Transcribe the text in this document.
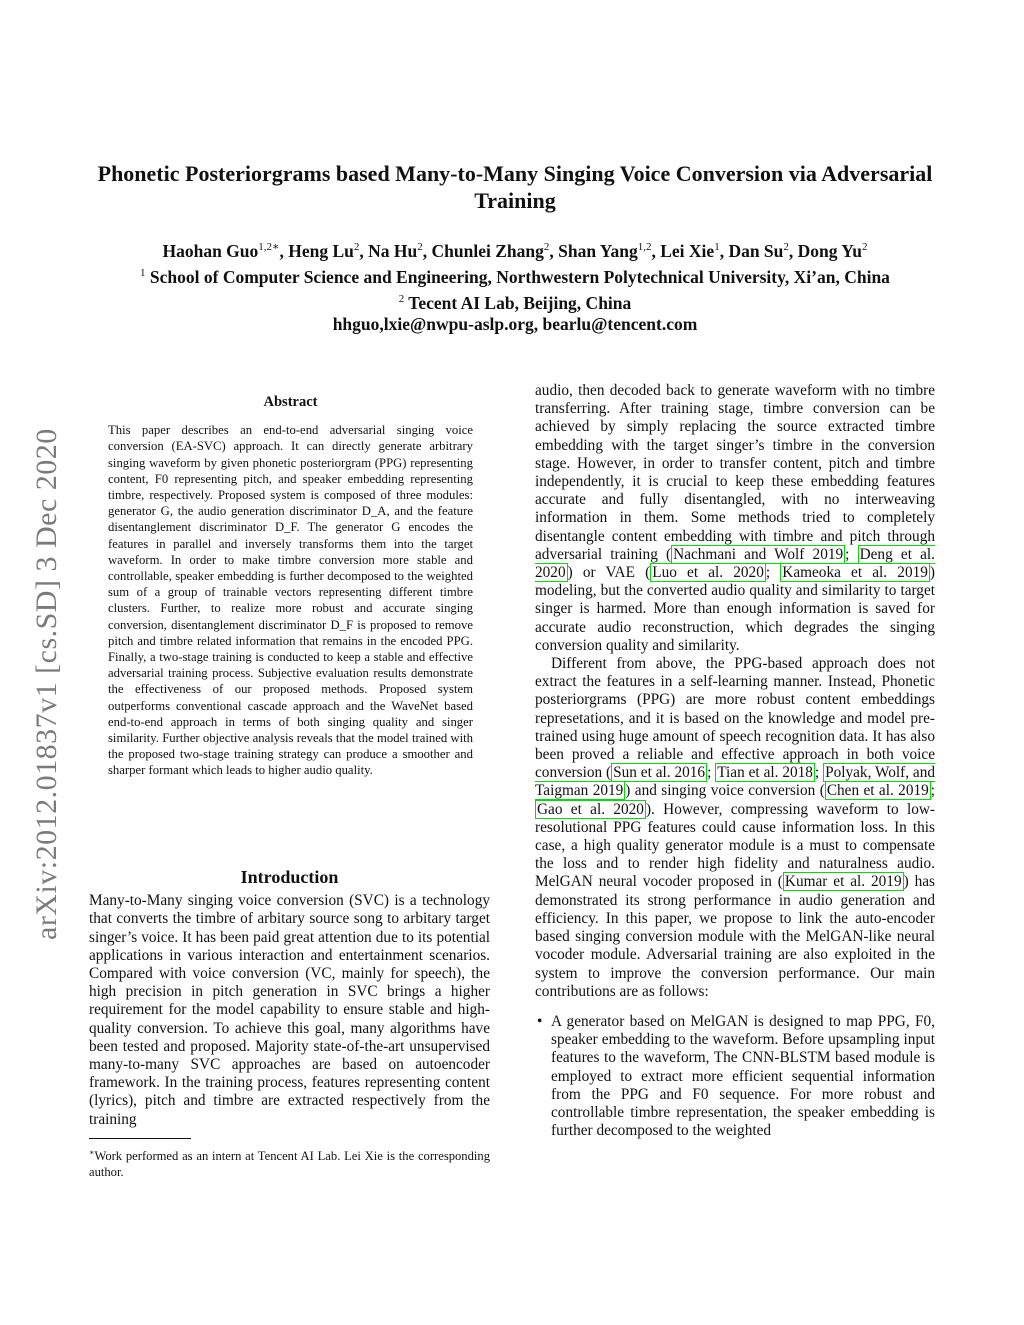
arXiv:2012.01837v1 [cs.SD] 3 Dec 2020
Phonetic Posteriorgrams based Many-to-Many Singing Voice Conversion via Adversarial Training
Haohan Guo$^{1,2∗}$, Heng Lu$^2$, Na Hu$^2$, Chunlei Zhang$^2$, Shan Yang$^{1,2}$, Lei Xie$^1$, Dan Su$^2$, Dong Yu$^2$
$^1$ School of Computer Science and Engineering, Northwestern Polytechnical University, Xi’an, China
$^2$ Tecent AI Lab, Beijing, China
hhguo,lxie@nwpu-aslp.org, bearlu@tencent.com
Abstract

This paper describes an end-to-end adversarial singing voice conversion (EA-SVC) approach. It can directly generate arbitrary singing waveform by given phonetic posteriorgram (PPG) representing content, F0 representing pitch, and speaker embedding representing timbre, respectively. Proposed system is composed of three modules: generator G, the audio generation discriminator D_A, and the feature disentanglement discriminator D_F. The generator G encodes the features in parallel and inversely transforms them into the target waveform. In order to make timbre conversion more stable and controllable, speaker embedding is further decomposed to the weighted sum of a group of trainable vectors representing different timbre clusters. Further, to realize more robust and accurate singing conversion, disentanglement discriminator D_F is proposed to remove pitch and timbre related information that remains in the encoded PPG. Finally, a two-stage training is conducted to keep a stable and effective adversarial training process. Subjective evaluation results demonstrate the effectiveness of our proposed methods. Proposed system outperforms conventional cascade approach and the WaveNet based end-to-end approach in terms of both singing quality and singer similarity. Further objective analysis reveals that the model trained with the proposed two-stage training strategy can produce a smoother and sharper formant which leads to higher audio quality.

Introduction

Many-to-Many singing voice conversion (SVC) is a technology that converts the timbre of arbitary source song to arbitary target singer’s voice. It has been paid great attention due to its potential applications in various interaction and entertainment scenarios. Compared with voice conversion (VC, mainly for speech), the high precision in pitch generation in SVC brings a higher requirement for the model capability to ensure stable and high-quality conversion. To achieve this goal, many algorithms have been tested and proposed. Majority state-of-the-art unsupervised many-to-many SVC approaches are based on autoencoder framework. In the training process, features representing content (lyrics), pitch and timbre are extracted respectively from the training

∗Work performed as an intern at Tencent AI Lab. Lei Xie is the corresponding author.

audio, then decoded back to generate waveform with no timbre transferring. After training stage, timbre conversion can be achieved by simply replacing the source extracted timbre embedding with the target singer’s timbre in the conversion stage. However, in order to transfer content, pitch and timbre independently, it is crucial to keep these embedding features accurate and fully disentangled, with no interweaving information in them. Some methods tried to completely disentangle content embedding with timbre and pitch through adversarial training ( Nachmani and Wolf 2019 ; Deng et al. 2020 ) or VAE ( Luo et al. 2020 ; Kameoka et al. 2019 ) modeling, but the converted audio quality and similarity to target singer is harmed. More than enough information is saved for accurate audio reconstruction, which degrades the singing conversion quality and similarity.

Different from above, the PPG-based approach does not extract the features in a self-learning manner. Instead, Phonetic posteriorgrams (PPG) are more robust content embeddings represetations, and it is based on the knowledge and model pre-trained using huge amount of speech recognition data. It has also been proved a reliable and effective approach in both voice conversion ( Sun et al. 2016 ; Tian et al. 2018 ; Polyak, Wolf, and Taigman 2019 ) and singing voice conversion ( Chen et al. 2019 ; Gao et al. 2020 ). However, compressing waveform to low-resolutional PPG features could cause information loss. In this case, a high quality generator module is a must to compensate the loss and to render high fidelity and naturalness audio. MelGAN neural vocoder proposed in ( Kumar et al. 2019 ) has demonstrated its strong performance in audio generation and efficiency. In this paper, we propose to link the auto-encoder based singing conversion module with the MelGAN-like neural vocoder module. Adversarial training are also exploited in the system to improve the conversion performance. Our main contributions are as follows:

• A generator based on MelGAN is designed to map PPG, F0, speaker embedding to the waveform. Before upsampling input features to the waveform, The CNN-BLSTM based module is employed to extract more efficient sequential information from the PPG and F0 sequence. For more robust and controllable timbre representation, the speaker embedding is further decomposed to the weighted
